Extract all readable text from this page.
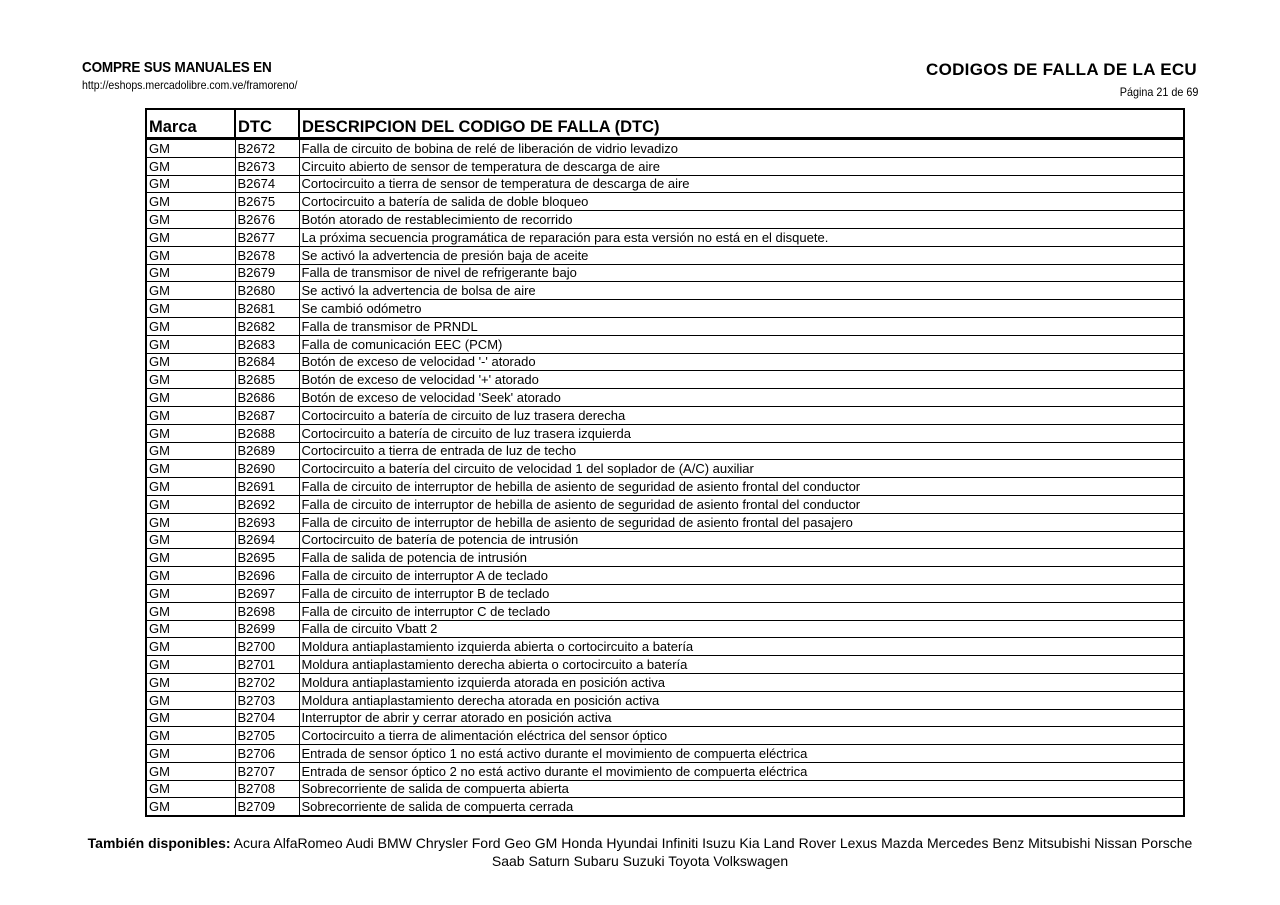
COMPRE SUS MANUALES EN
http://eshops.mercadolibre.com.ve/framoreno/
CODIGOS DE FALLA DE LA ECU
Página 21 de 69
Marca	DTC	DESCRIPCION DEL CODIGO DE FALLA (DTC)
GM	B2672	Falla de circuito de bobina de relé de liberación de vidrio levadizo
GM	B2673	Circuito abierto de sensor de temperatura de descarga de aire
GM	B2674	Cortocircuito a tierra de sensor de temperatura de descarga de aire
GM	B2675	Cortocircuito a batería de salida de doble bloqueo
GM	B2676	Botón atorado de restablecimiento de recorrido
GM	B2677	La próxima secuencia programática de reparación para esta versión no está en el disquete.
GM	B2678	Se activó la advertencia de presión baja de aceite
GM	B2679	Falla de transmisor de nivel de refrigerante bajo
GM	B2680	Se activó la advertencia de bolsa de aire
GM	B2681	Se cambió odómetro
GM	B2682	Falla de transmisor de PRNDL
GM	B2683	Falla de comunicación EEC (PCM)
GM	B2684	Botón de exceso de velocidad '-' atorado
GM	B2685	Botón de exceso de velocidad '+' atorado
GM	B2686	Botón de exceso de velocidad 'Seek' atorado
GM	B2687	Cortocircuito a batería de circuito de luz trasera derecha
GM	B2688	Cortocircuito a batería de circuito de luz trasera izquierda
GM	B2689	Cortocircuito a tierra de entrada de luz de techo
GM	B2690	Cortocircuito a batería del circuito de velocidad 1 del soplador de (A/C) auxiliar
GM	B2691	Falla de circuito de interruptor de hebilla de asiento de seguridad de asiento frontal del conductor
GM	B2692	Falla de circuito de interruptor de hebilla de asiento de seguridad de asiento frontal del conductor
GM	B2693	Falla de circuito de interruptor de hebilla de asiento de seguridad de asiento frontal del pasajero
GM	B2694	Cortocircuito de batería de potencia de intrusión
GM	B2695	Falla de salida de potencia de intrusión
GM	B2696	Falla de circuito de interruptor A de teclado
GM	B2697	Falla de circuito de interruptor B de teclado
GM	B2698	Falla de circuito de interruptor C de teclado
GM	B2699	Falla de circuito Vbatt 2
GM	B2700	Moldura antiaplastamiento izquierda abierta o cortocircuito a batería
GM	B2701	Moldura antiaplastamiento derecha abierta o cortocircuito a batería
GM	B2702	Moldura antiaplastamiento izquierda atorada en posición activa
GM	B2703	Moldura antiaplastamiento derecha atorada en posición activa
GM	B2704	Interruptor de abrir y cerrar atorado en posición activa
GM	B2705	Cortocircuito a tierra de alimentación eléctrica del sensor óptico
GM	B2706	Entrada de sensor óptico 1 no está activo durante el movimiento de compuerta eléctrica
GM	B2707	Entrada de sensor óptico 2 no está activo durante el movimiento de compuerta eléctrica
GM	B2708	Sobrecorriente de salida de compuerta abierta
GM	B2709	Sobrecorriente de salida de compuerta cerrada
También disponibles: Acura AlfaRomeo Audi BMW Chrysler Ford Geo GM Honda Hyundai Infiniti Isuzu Kia Land Rover Lexus Mazda Mercedes Benz Mitsubishi Nissan Porsche Saab Saturn Subaru Suzuki Toyota Volkswagen
